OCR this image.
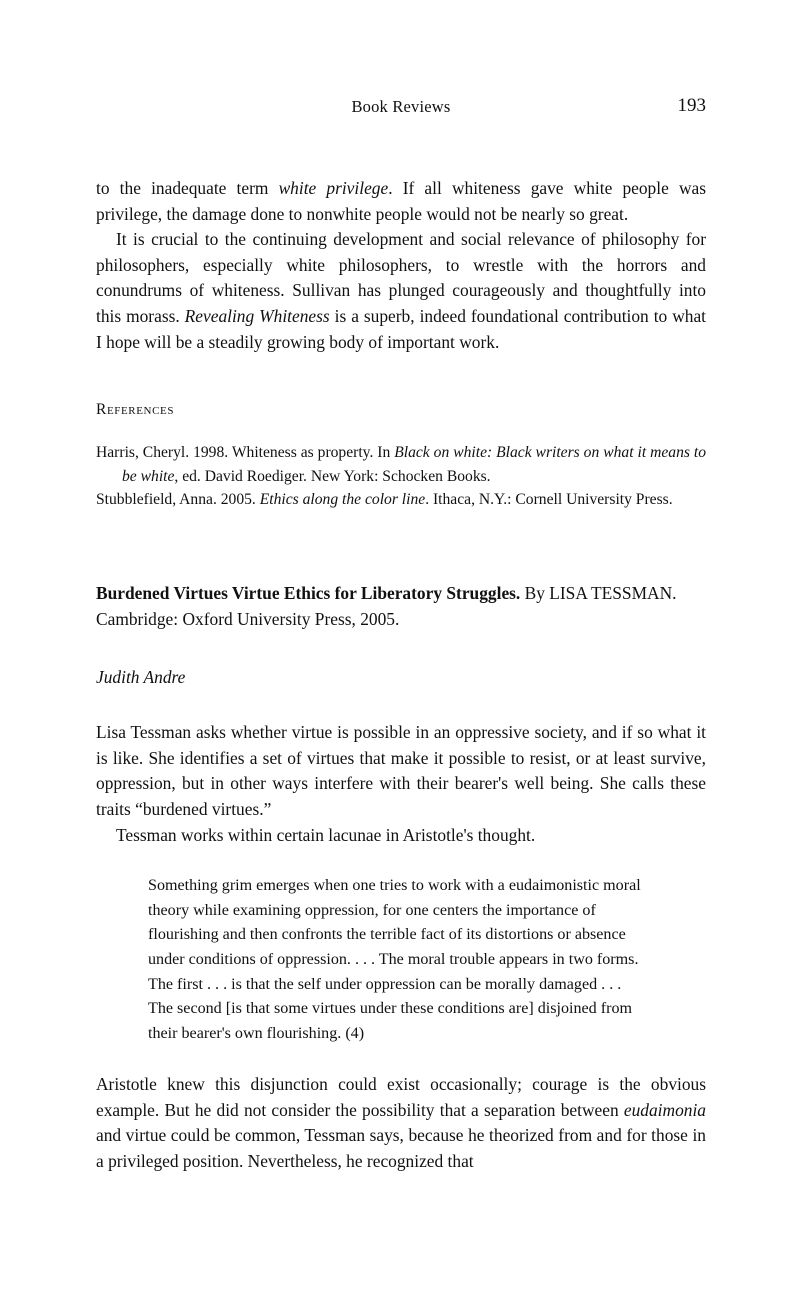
Book Reviews	193

to the inadequate term white privilege. If all whiteness gave white people was privilege, the damage done to nonwhite people would not be nearly so great.

It is crucial to the continuing development and social relevance of philosophy for philosophers, especially white philosophers, to wrestle with the horrors and conundrums of whiteness. Sullivan has plunged courageously and thoughtfully into this morass. Revealing Whiteness is a superb, indeed foundational contribution to what I hope will be a steadily growing body of important work.

References

Harris, Cheryl. 1998. Whiteness as property. In Black on white: Black writers on what it means to be white, ed. David Roediger. New York: Schocken Books.

Stubblefield, Anna. 2005. Ethics along the color line. Ithaca, N.Y.: Cornell University Press.

Burdened Virtues Virtue Ethics for Liberatory Struggles. By LISA TESSMAN. Cambridge: Oxford University Press, 2005.

Judith Andre

Lisa Tessman asks whether virtue is possible in an oppressive society, and if so what it is like. She identifies a set of virtues that make it possible to resist, or at least survive, oppression, but in other ways interfere with their bearer's well being. She calls these traits “burdened virtues.”

Tessman works within certain lacunae in Aristotle's thought.

Something grim emerges when one tries to work with a eudaimonistic moral theory while examining oppression, for one centers the importance of flourishing and then confronts the terrible fact of its distortions or absence under conditions of oppression. . . . The moral trouble appears in two forms. The first . . . is that the self under oppression can be morally damaged . . . The second [is that some virtues under these conditions are] disjoined from their bearer's own flourishing. (4)

Aristotle knew this disjunction could exist occasionally; courage is the obvious example. But he did not consider the possibility that a separation between eudaimonia and virtue could be common, Tessman says, because he theorized from and for those in a privileged position. Nevertheless, he recognized that
